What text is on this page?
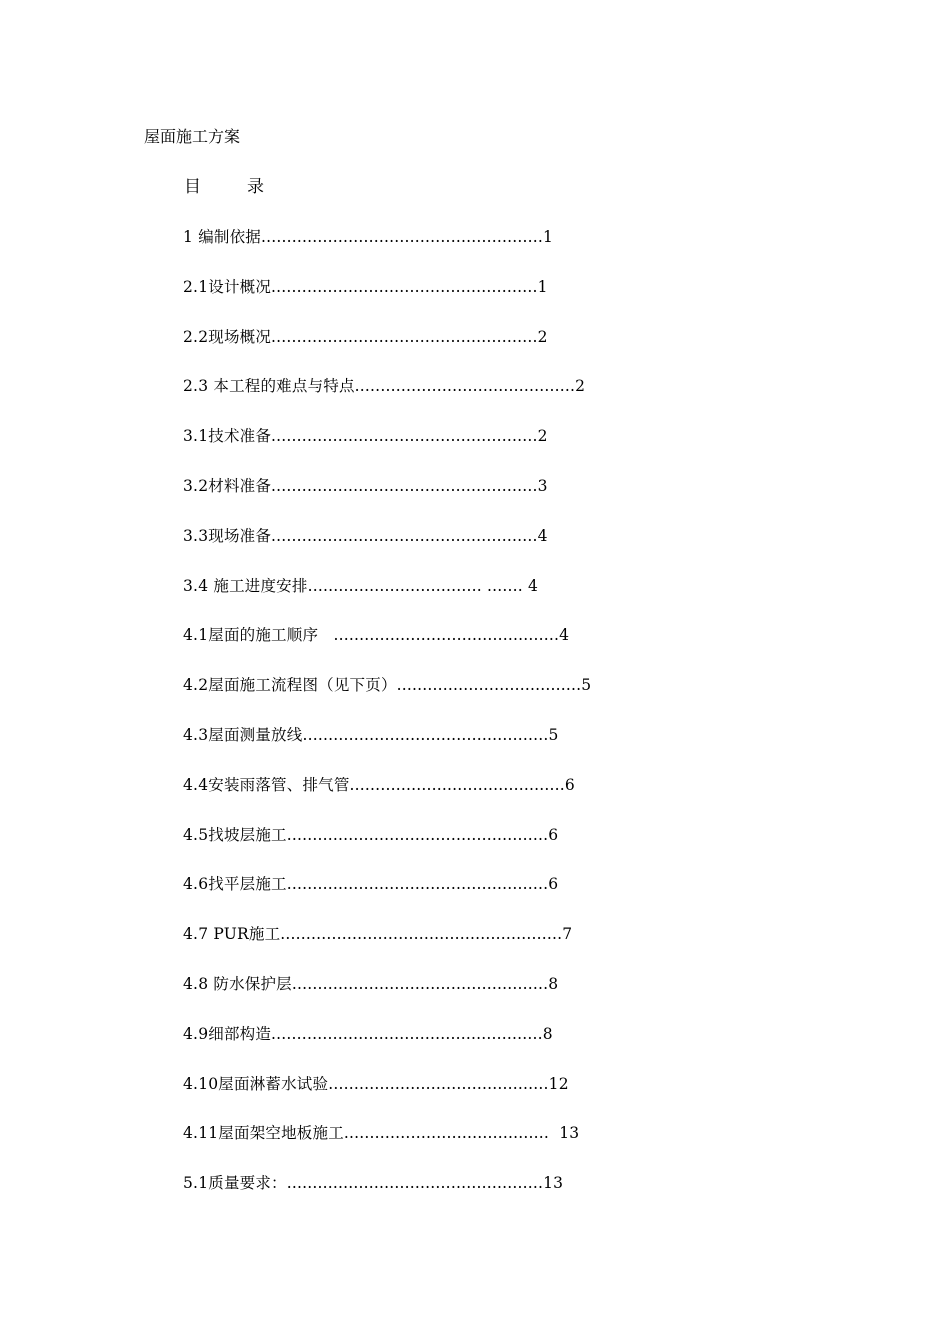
屋面施工方案
目	录
1 编制依据.......................................................1
2.1设计概况....................................................1
2.2现场概况....................................................2
2.3 本工程的难点与特点...........................................2
3.1技术准备....................................................2
3.2材料准备....................................................3
3.3现场准备....................................................4
3.4 施工进度安排.................................. ....... 4
4.1屋面的施工顺序   ............................................4
4.2屋面施工流程图（见下页）....................................5
4.3屋面测量放线................................................5
4.4安装雨落管、排气管..........................................6
4.5找坡层施工...................................................6
4.6找平层施工...................................................6
4.7 PUR施工.......................................................7
4.8 防水保护层..................................................8
4.9细部构造.....................................................8
4.10屋面淋蓄水试验...........................................12
4.11屋面架空地板施工........................................  13
5.1质量要求：..................................................13
